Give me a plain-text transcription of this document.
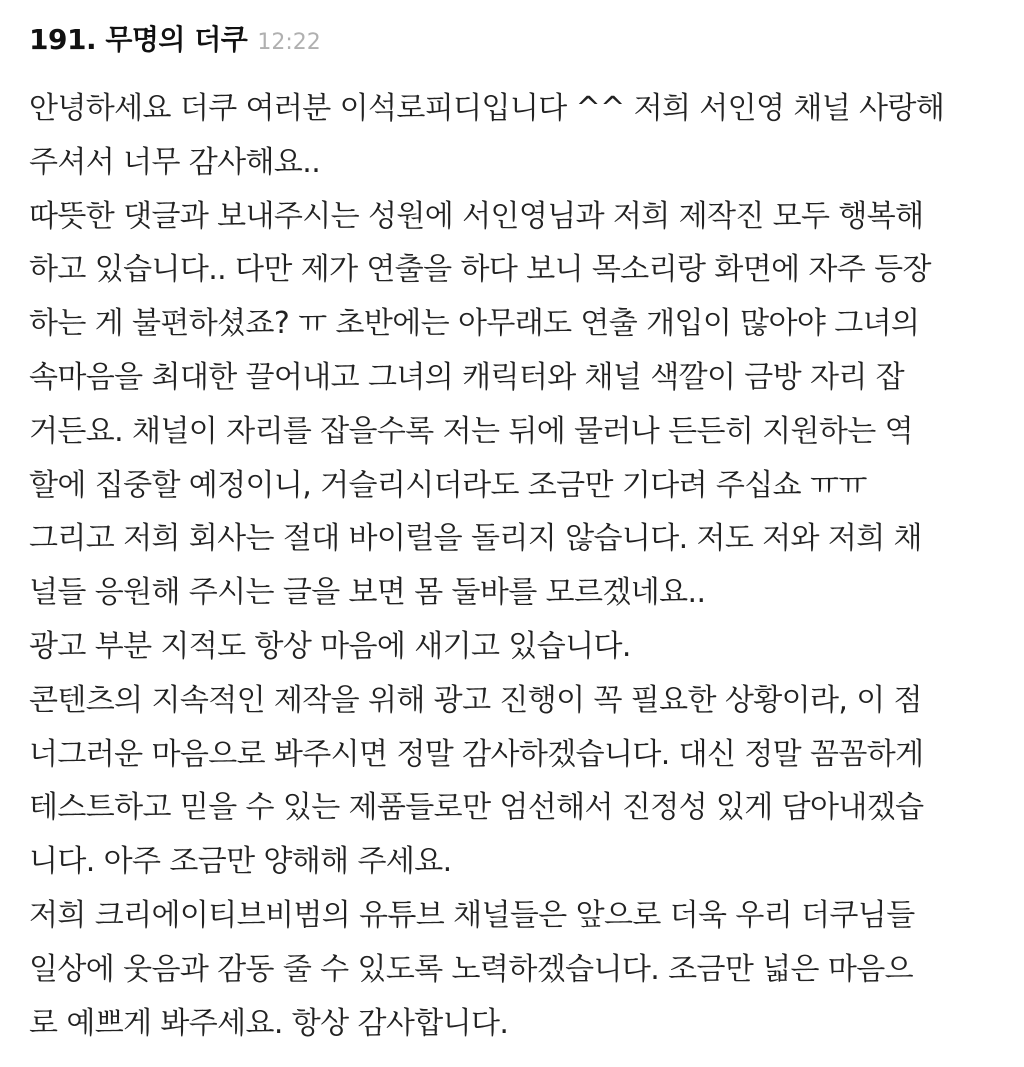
191. 무명의 더쿠 12:22
안녕하세요 더쿠 여러분 이석로피디입니다 ^^ 저희 서인영 채널 사랑해
주셔서 너무 감사해요..
따뜻한 댓글과 보내주시는 성원에 서인영님과 저희 제작진 모두 행복해
하고 있습니다.. 다만 제가 연출을 하다 보니 목소리랑 화면에 자주 등장
하는 게 불편하셨죠? ㅠ 초반에는 아무래도 연출 개입이 많아야 그녀의
속마음을 최대한 끌어내고 그녀의 캐릭터와 채널 색깔이 금방 자리 잡
거든요. 채널이 자리를 잡을수록 저는 뒤에 물러나 든든히 지원하는 역
할에 집중할 예정이니, 거슬리시더라도 조금만 기다려 주십쇼 ㅠㅠ
그리고 저희 회사는 절대 바이럴을 돌리지 않습니다. 저도 저와 저희 채
널들 응원해 주시는 글을 보면 몸 둘바를 모르겠네요..
광고 부분 지적도 항상 마음에 새기고 있습니다.
콘텐츠의 지속적인 제작을 위해 광고 진행이 꼭 필요한 상황이라, 이 점
너그러운 마음으로 봐주시면 정말 감사하겠습니다. 대신 정말 꼼꼼하게
테스트하고 믿을 수 있는 제품들로만 엄선해서 진정성 있게 담아내겠습
니다. 아주 조금만 양해해 주세요.
저희 크리에이티브비범의 유튜브 채널들은 앞으로 더욱 우리 더쿠님들
일상에 웃음과 감동 줄 수 있도록 노력하겠습니다. 조금만 넓은 마음으
로 예쁘게 봐주세요. 항상 감사합니다.
